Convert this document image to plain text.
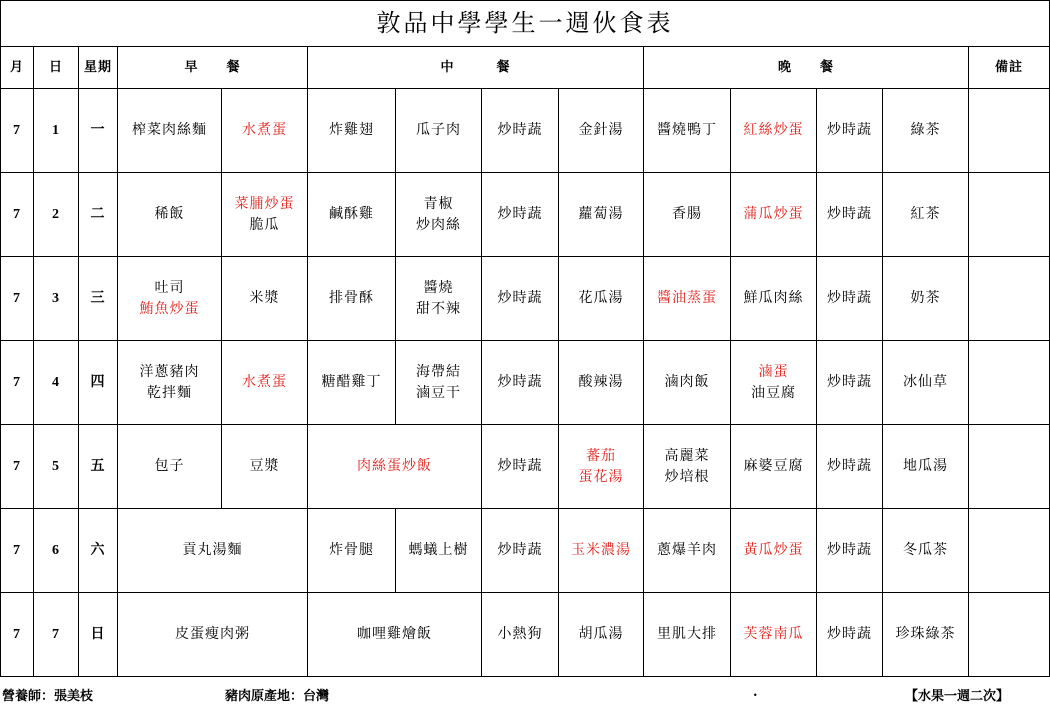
敦品中學學生一週伙食表													
月	日	星期	早　　餐		中　　　餐				晚　　餐				備註
7	1	一	榨菜肉絲麵	水煮蛋	炸雞翅	瓜子肉	炒時蔬	金針湯	醬燒鴨丁	紅絲炒蛋	炒時蔬	綠茶	

7	2	二	稀飯	菜脯炒蛋
脆瓜	鹹酥雞	青椒
炒肉絲	炒時蔬	蘿蔔湯	香腸	蒲瓜炒蛋	炒時蔬	紅茶	

7	3	三	吐司
鮪魚炒蛋	米漿	排骨酥	醬燒
甜不辣	炒時蔬	花瓜湯	醬油蒸蛋	鮮瓜肉絲	炒時蔬	奶茶	

7	4	四	洋蔥豬肉
乾拌麵	水煮蛋	糖醋雞丁	海帶結
滷豆干	炒時蔬	酸辣湯	滷肉飯	滷蛋
油豆腐	炒時蔬	冰仙草	

7	5	五	包子	豆漿	肉絲蛋炒飯		炒時蔬	蕃茄
蛋花湯	高麗菜
炒培根	麻婆豆腐	炒時蔬	地瓜湯	

7	6	六	貢丸湯麵		炸骨腿	螞蟻上樹	炒時蔬	玉米濃湯	蔥爆羊肉	黃瓜炒蛋	炒時蔬	冬瓜茶	

7	7	日	皮蛋瘦肉粥		咖哩雞燴飯		小熱狗	胡瓜湯	里肌大排	芙蓉南瓜	炒時蔬	珍珠綠茶	

營養師：張美枝	豬肉原產地：台灣	.	【水果一週二次】
